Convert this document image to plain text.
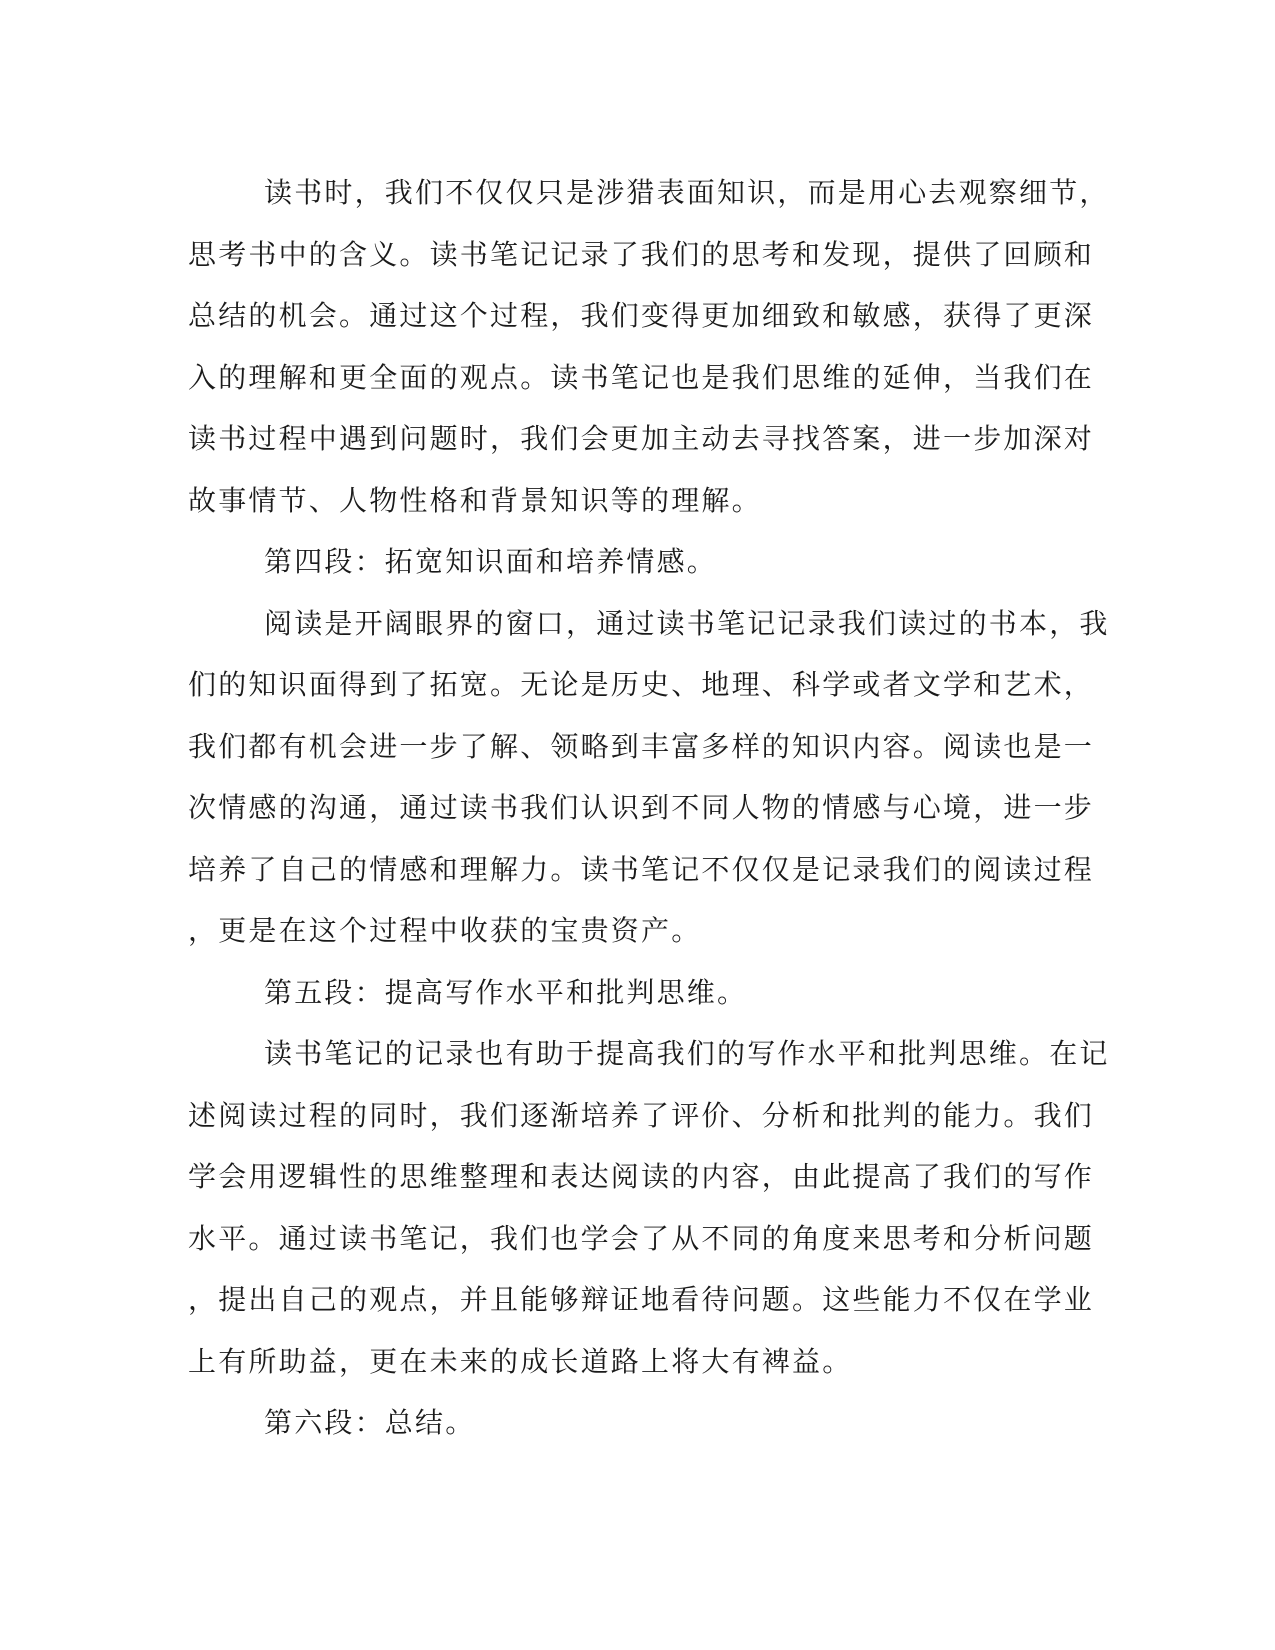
读书时，我们不仅仅只是涉猎表面知识，而是用心去观察细节，
思考书中的含义。读书笔记记录了我们的思考和发现，提供了回顾和
总结的机会。通过这个过程，我们变得更加细致和敏感，获得了更深
入的理解和更全面的观点。读书笔记也是我们思维的延伸，当我们在
读书过程中遇到问题时，我们会更加主动去寻找答案，进一步加深对
故事情节、人物性格和背景知识等的理解。
第四段：拓宽知识面和培养情感。
阅读是开阔眼界的窗口，通过读书笔记记录我们读过的书本，我
们的知识面得到了拓宽。无论是历史、地理、科学或者文学和艺术，
我们都有机会进一步了解、领略到丰富多样的知识内容。阅读也是一
次情感的沟通，通过读书我们认识到不同人物的情感与心境，进一步
培养了自己的情感和理解力。读书笔记不仅仅是记录我们的阅读过程
，更是在这个过程中收获的宝贵资产。
第五段：提高写作水平和批判思维。
读书笔记的记录也有助于提高我们的写作水平和批判思维。在记
述阅读过程的同时，我们逐渐培养了评价、分析和批判的能力。我们
学会用逻辑性的思维整理和表达阅读的内容，由此提高了我们的写作
水平。通过读书笔记，我们也学会了从不同的角度来思考和分析问题
，提出自己的观点，并且能够辩证地看待问题。这些能力不仅在学业
上有所助益，更在未来的成长道路上将大有裨益。
第六段：总结。
